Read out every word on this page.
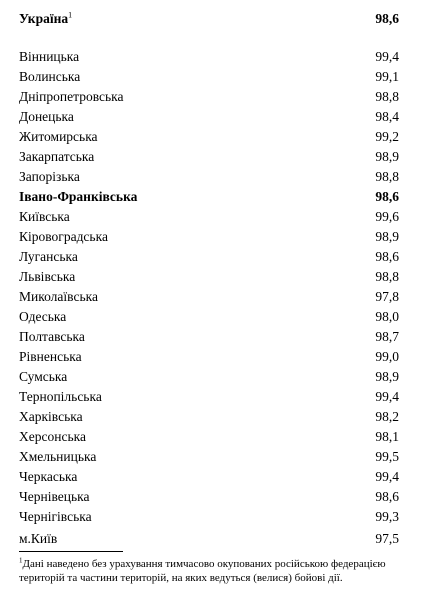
Україна$^1$	98,6
Вінницька	99,4
Волинська	99,1
Дніпропетровська	98,8
Донецька	98,4
Житомирська	99,2
Закарпатська	98,9
Запорізька	98,8
Івано-Франківська	98,6
Київська	99,6
Кіровоградська	98,9
Луганська	98,6
Львівська	98,8
Миколаївська	97,8
Одеська	98,0
Полтавська	98,7
Рівненська	99,0
Сумська	98,9
Тернопільська	99,4
Харківська	98,2
Херсонська	98,1
Хмельницька	99,5
Черкаська	99,4
Чернівецька	98,6
Чернігівська	99,3
м.Київ	97,5
$^1$Дані наведено без урахування тимчасово окупованих російською федерацією територій та частини територій, на яких ведуться (велися) бойові дії.
